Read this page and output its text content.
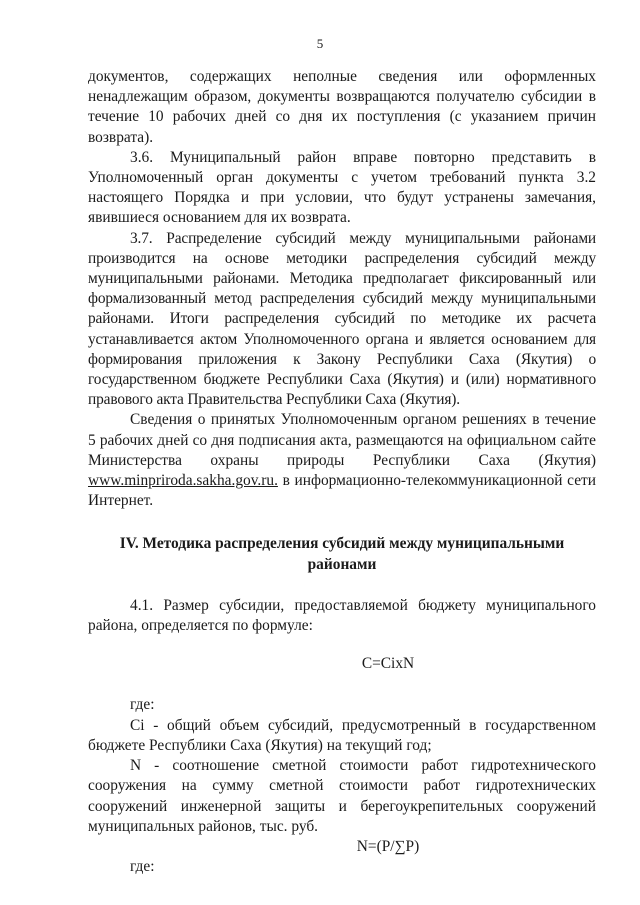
5

документов, содержащих неполные сведения или оформленных ненадлежащим образом, документы возвращаются получателю субсидии в течение 10 рабочих дней со дня их поступления (с указанием причин возврата).

3.6. Муниципальный район вправе повторно представить в Уполномоченный орган документы с учетом требований пункта 3.2 настоящего Порядка и при условии, что будут устранены замечания, явившиеся основанием для их возврата.

3.7. Распределение субсидий между муниципальными районами производится на основе методики распределения субсидий между муниципальными районами. Методика предполагает фиксированный или формализованный метод распределения субсидий между муниципальными районами. Итоги распределения субсидий по методике их расчета устанавливается актом Уполномоченного органа и является основанием для формирования приложения к Закону Республики Саха (Якутия) о государственном бюджете Республики Саха (Якутия) и (или) нормативного правового акта Правительства Республики Саха (Якутия).

Сведения о принятых Уполномоченным органом решениях в течение 5 рабочих дней со дня подписания акта, размещаются на официальном сайте Министерства охраны природы Республики Саха (Якутия) www.minpriroda.sakha.gov.ru. в информационно-телекоммуникационной сети Интернет.

IV. Методика распределения субсидий между муниципальными районами

4.1. Размер субсидии, предоставляемой бюджету муниципального района, определяется по формуле:

C=CixN

где:

Ci - общий объем субсидий, предусмотренный в государственном бюджете Республики Саха (Якутия) на текущий год;

N - соотношение сметной стоимости работ гидротехнического сооружения на сумму сметной стоимости работ гидротехнических сооружений инженерной защиты и берегоукрепительных сооружений муниципальных районов, тыс. руб.

N=(P/∑P)

где:
